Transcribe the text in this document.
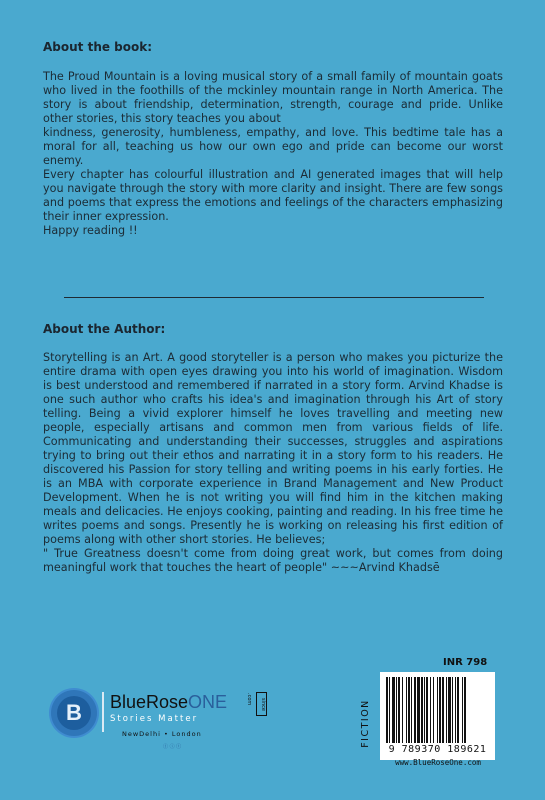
About the book:

The Proud Mountain is a loving musical story of a small family of mountain goats who lived in the foothills of the mckinley mountain range in North America. The story is about friendship, determination, strength, courage and pride. Unlike other stories, this story teaches you about

kindness, generosity, humbleness, empathy, and love. This bedtime tale has a moral for all, teaching us how our own ego and pride can become our worst enemy.

Every chapter has colourful illustration and AI generated images that will help you navigate through the story with more clarity and insight. There are few songs and poems that express the emotions and feelings of the characters emphasizing their inner expression.

Happy reading !!

About the Author:

Storytelling is an Art. A good storyteller is a person who makes you picturize the entire drama with open eyes drawing you into his world of imagination. Wisdom is best understood and remembered if narrated in a story form. Arvind Khadse is one such author who crafts his idea's and imagination through his Art of story telling. Being a vivid explorer himself he loves travelling and meeting new people, especially artisans and common men from various fields of life. Communicating and understanding their successes, struggles and aspirations trying to bring out their ethos and narrating it in a story form to his readers. He discovered his Passion for story telling and writing poems in his early forties. He is an MBA with corporate experience in Brand Management and New Product Development. When he is not writing you will find him in the kitchen making meals and delicacies. He enjoys cooking, painting and reading. In his free time he writes poems and songs. Presently he is working on releasing his first edition of poems along with other short stories. He believes;

" True Greatness doesn't come from doing great work, but comes from doing meaningful work that touches the heart of people" ~~~Arvind Khadsē

B	BlueRoseONE	.com	since
Stories Matter
NewDelhi • London
ⓕ ⓘ ⓣ
INR 798
FICTION
9 789370 189621
www.BlueRoseOne.com
